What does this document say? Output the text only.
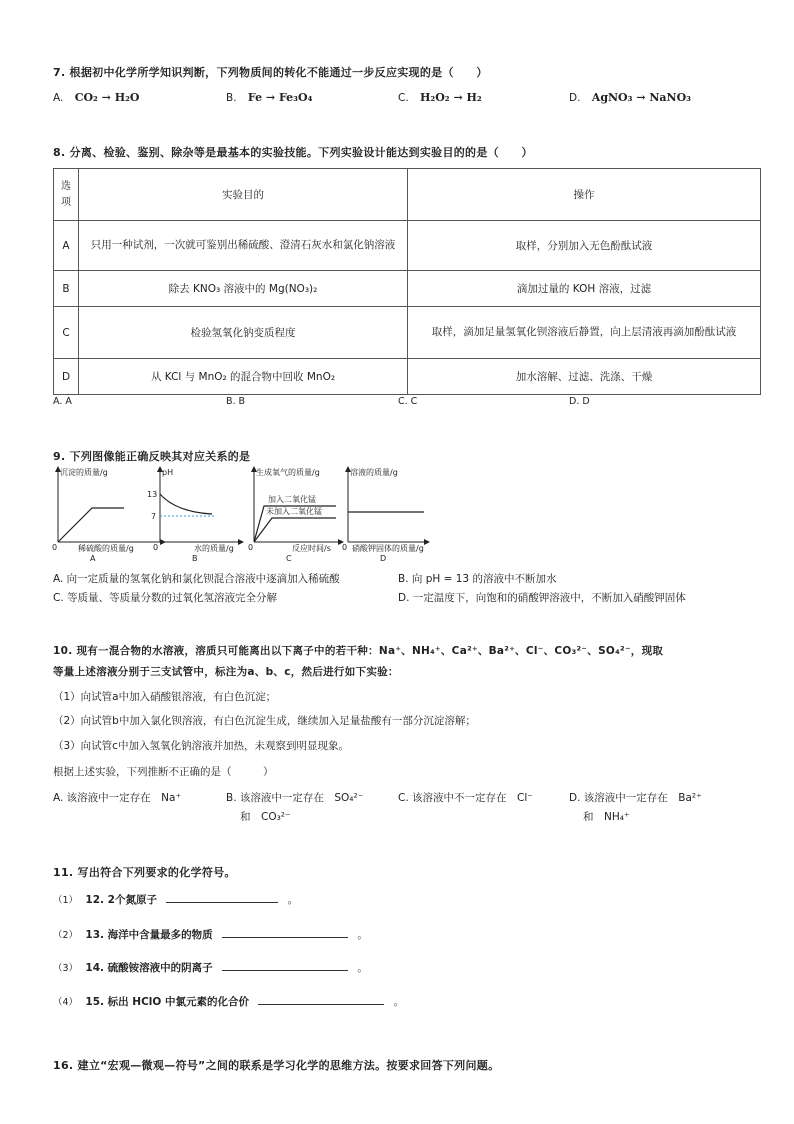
7. 根据初中化学所学知识判断，下列物质间的转化不能通过一步反应实现的是（　　）
A. CO₂ → H₂O	B. Fe → Fe₃O₄	C. H₂O₂ → H₂	D. AgNO₃ → NaNO₃
8. 分离、检验、鉴别、除杂等是最基本的实验技能。下列实验设计能达到实验目的的是（　　）
选项	实验目的	操作
A	只用一种试剂，一次就可鉴别出稀硫酸、澄清石灰水和氯化钠溶液	取样，分别加入无色酚酞试液
B	除去 KNO₃ 溶液中的 Mg(NO₃)₂	滴加过量的 KOH 溶液，过滤
C	检验氢氧化钠变质程度	取样，滴加足量氢氧化钡溶液后静置，向上层清液再滴加酚酞试液
D	从 KCl 与 MnO₂ 的混合物中回收 MnO₂	加水溶解、过滤、洗涤、干燥
A. A	B. B	C. C	D. D
9. 下列图像能正确反映其对应关系的是
沉淀的质量/g
稀硫酸的质量/g
0
A
pH
13
7
水的质量/g
0
B
生成氧气的质量/g
加入二氧化锰
未加入二氧化锰
反应时间/s
0
C
溶液的质量/g
硝酸钾固体的质量/g
0
D
A. 向一定质量的氢氧化钠和氯化钡混合溶液中逐滴加入稀硫酸	B. 向 pH = 13 的溶液中不断加水
C. 等质量、等质量分数的过氧化氢溶液完全分解	D. 一定温度下，向饱和的硝酸钾溶液中，不断加入硝酸钾固体
10. 现有一混合物的水溶液，溶质只可能离出以下离子中的若干种：Na⁺、NH₄⁺、Ca²⁺、Ba²⁺、Cl⁻、CO₃²⁻、SO₄²⁻，现取
等量上述溶液分别于三支试管中，标注为a、b、c，然后进行如下实验：
（1）向试管a中加入硝酸银溶液，有白色沉淀；
（2）向试管b中加入氯化钡溶液，有白色沉淀生成，继续加入足量盐酸有一部分沉淀溶解；
（3）向试管c中加入氢氧化钠溶液并加热，未观察到明显现象。
根据上述实验，下列推断不正确的是（　　　）
A. 该溶液中一定存在　Na⁺	B. 该溶液中一定存在　SO₄²⁻
和　CO₃²⁻
C. 该溶液中不一定存在　Cl⁻	D. 该溶液中一定存在　Ba²⁺
和　NH₄⁺
11. 写出符合下列要求的化学符号。
（1） 12. 2个氮原子	。
（2） 13. 海洋中含量最多的物质	。
（3） 14. 硫酸铵溶液中的阴离子	。
（4） 15. 标出 HClO 中氯元素的化合价	。
16. 建立“宏观—微观—符号”之间的联系是学习化学的思维方法。按要求回答下列问题。
